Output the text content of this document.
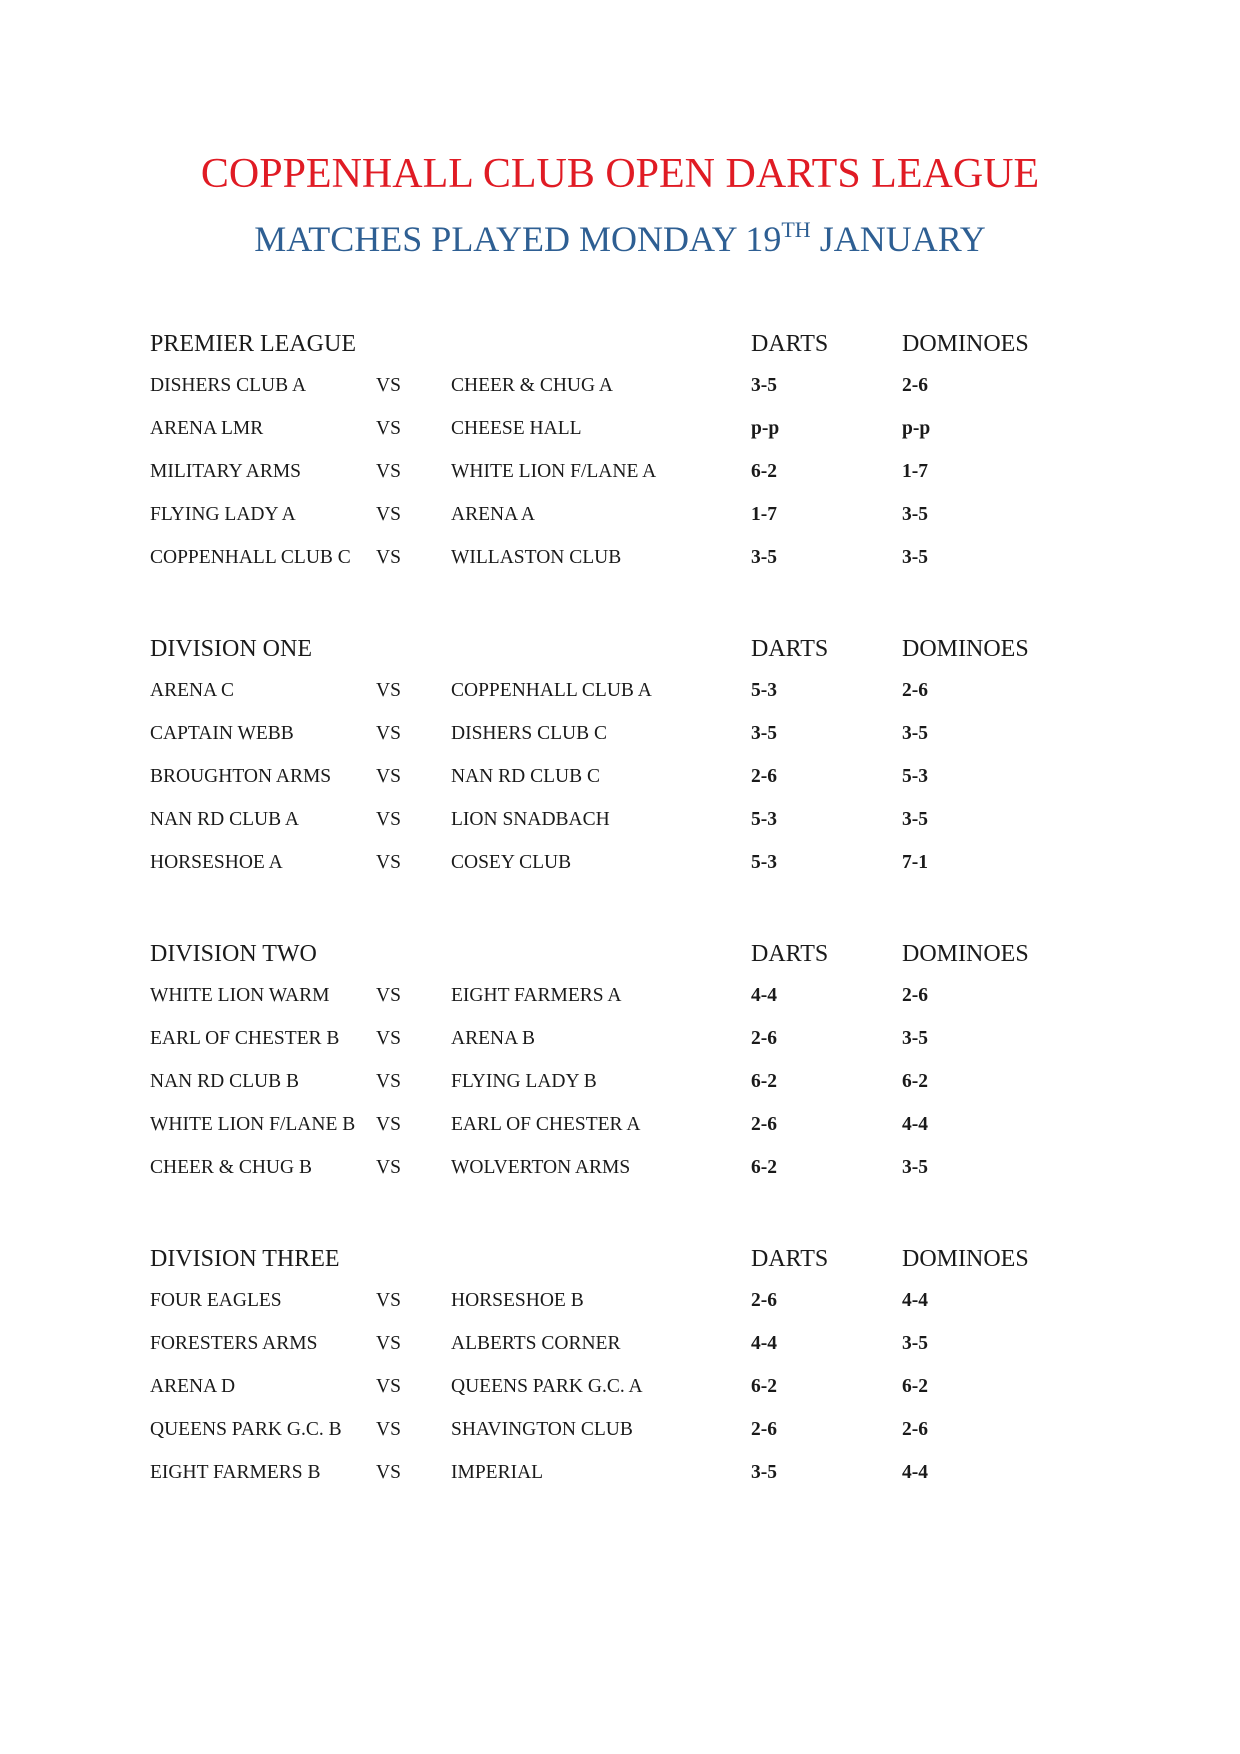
COPPENHALL CLUB OPEN DARTS LEAGUE
MATCHES PLAYED MONDAY 19TH JANUARY
PREMIER LEAGUE	DARTS	DOMINOES
DISHERS CLUB A	VS	CHEER & CHUG A	3-5	2-6
ARENA LMR	VS	CHEESE HALL	p-p	p-p
MILITARY ARMS	VS	WHITE LION F/LANE A	6-2	1-7
FLYING LADY A	VS	ARENA A	1-7	3-5
COPPENHALL CLUB C VS	WILLASTON CLUB	3-5	3-5
DIVISION ONE	DARTS	DOMINOES
ARENA C	VS	COPPENHALL CLUB A	5-3	2-6
CAPTAIN WEBB	VS	DISHERS CLUB C	3-5	3-5
BROUGHTON ARMS VS	NAN RD CLUB C	2-6	5-3
NAN RD CLUB A	VS	LION SNADBACH	5-3	3-5
HORSESHOE A	VS	COSEY CLUB	5-3	7-1
DIVISION TWO	DARTS	DOMINOES
WHITE LION WARM VS	EIGHT FARMERS A	4-4	2-6
EARL OF CHESTER B VS	ARENA B	2-6	3-5
NAN RD CLUB B	VS	FLYING LADY B	6-2	6-2
WHITE LION F/LANE B VS	EARL OF CHESTER A	2-6	4-4
CHEER & CHUG B	VS	WOLVERTON ARMS	6-2	3-5
DIVISION THREE	DARTS	DOMINOES
FOUR EAGLES	VS	HORSESHOE B	2-6	4-4
FORESTERS ARMS	VS	ALBERTS CORNER	4-4	3-5
ARENA D	VS	QUEENS PARK G.C. A	6-2	6-2
QUEENS PARK G.C. B VS	SHAVINGTON CLUB	2-6	2-6
EIGHT FARMERS B	VS	IMPERIAL	3-5	4-4
